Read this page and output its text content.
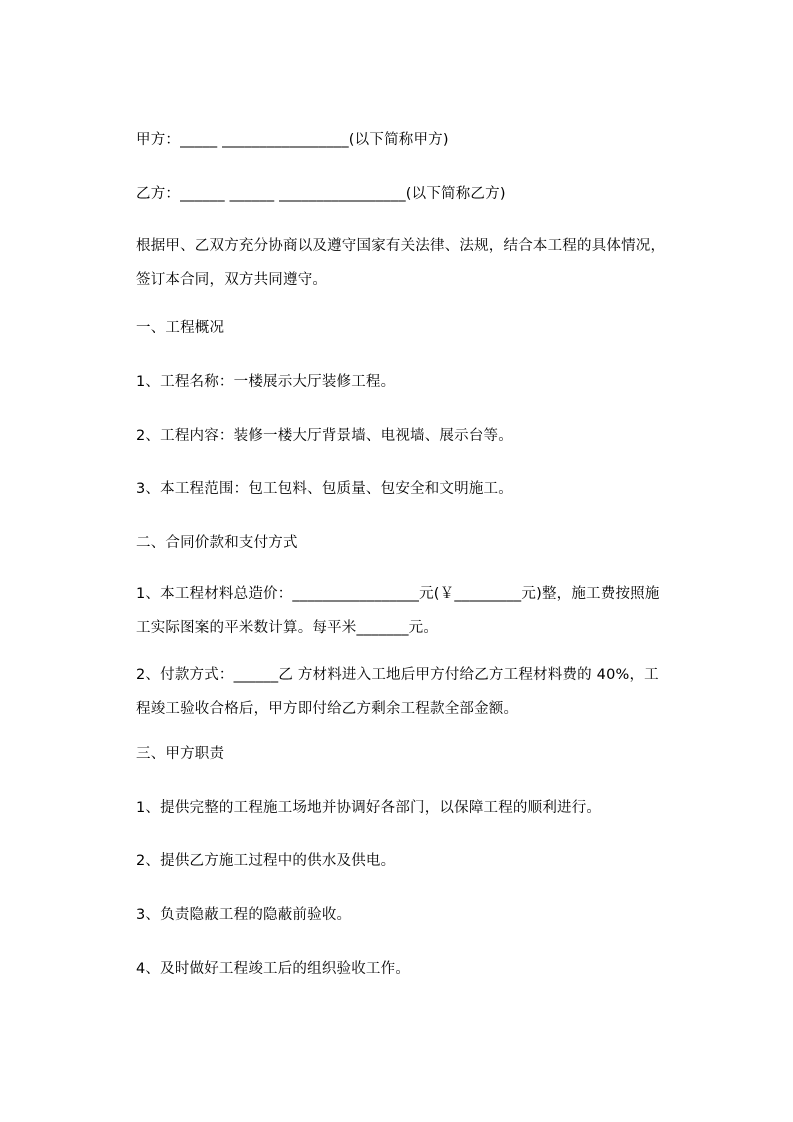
甲方：_____ _________________(以下简称甲方)
乙方：______ ______ _________________(以下简称乙方)
根据甲、乙双方充分协商以及遵守国家有关法律、法规，结合本工程的具体情况，
签订本合同，双方共同遵守。
一、工程概况
1、工程名称：一楼展示大厅装修工程。
2、工程内容：装修一楼大厅背景墙、电视墙、展示台等。
3、本工程范围：包工包料、包质量、包安全和文明施工。
二、合同价款和支付方式
1、本工程材料总造价：_________________元(￥_________元)整，施工费按照施
工实际图案的平米数计算。每平米_______元。
2、付款方式：______乙 方材料进入工地后甲方付给乙方工程材料费的 40%，工
程竣工验收合格后，甲方即付给乙方剩余工程款全部金额。
三、甲方职责
1、提供完整的工程施工场地并协调好各部门，以保障工程的顺利进行。
2、提供乙方施工过程中的供水及供电。
3、负责隐蔽工程的隐蔽前验收。
4、及时做好工程竣工后的组织验收工作。
